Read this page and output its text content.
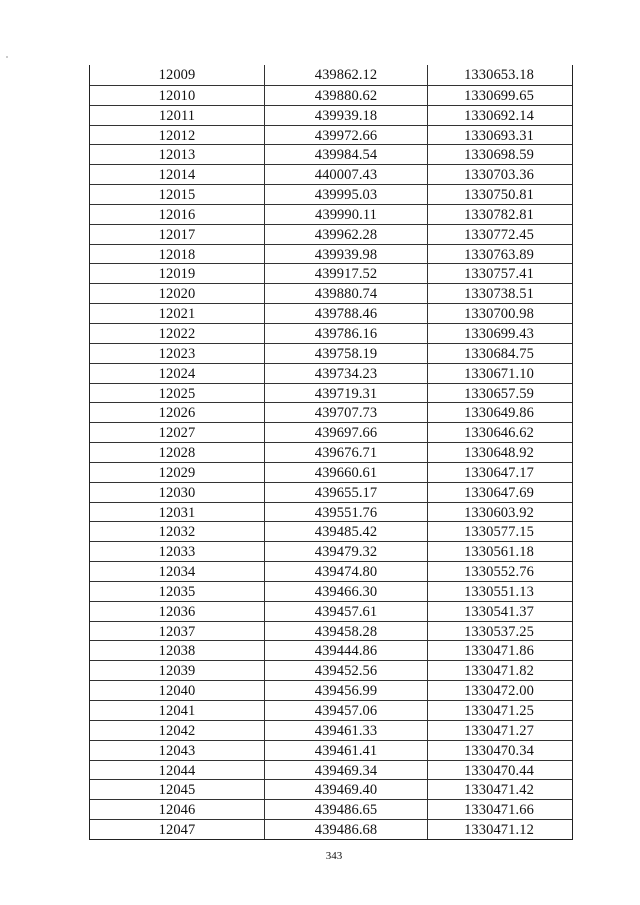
12009	439862.12	1330653.18
12010	439880.62	1330699.65
12011	439939.18	1330692.14
12012	439972.66	1330693.31
12013	439984.54	1330698.59
12014	440007.43	1330703.36
12015	439995.03	1330750.81
12016	439990.11	1330782.81
12017	439962.28	1330772.45
12018	439939.98	1330763.89
12019	439917.52	1330757.41
12020	439880.74	1330738.51
12021	439788.46	1330700.98
12022	439786.16	1330699.43
12023	439758.19	1330684.75
12024	439734.23	1330671.10
12025	439719.31	1330657.59
12026	439707.73	1330649.86
12027	439697.66	1330646.62
12028	439676.71	1330648.92
12029	439660.61	1330647.17
12030	439655.17	1330647.69
12031	439551.76	1330603.92
12032	439485.42	1330577.15
12033	439479.32	1330561.18
12034	439474.80	1330552.76
12035	439466.30	1330551.13
12036	439457.61	1330541.37
12037	439458.28	1330537.25
12038	439444.86	1330471.86
12039	439452.56	1330471.82
12040	439456.99	1330472.00
12041	439457.06	1330471.25
12042	439461.33	1330471.27
12043	439461.41	1330470.34
12044	439469.34	1330470.44
12045	439469.40	1330471.42
12046	439486.65	1330471.66
12047	439486.68	1330471.12
343
